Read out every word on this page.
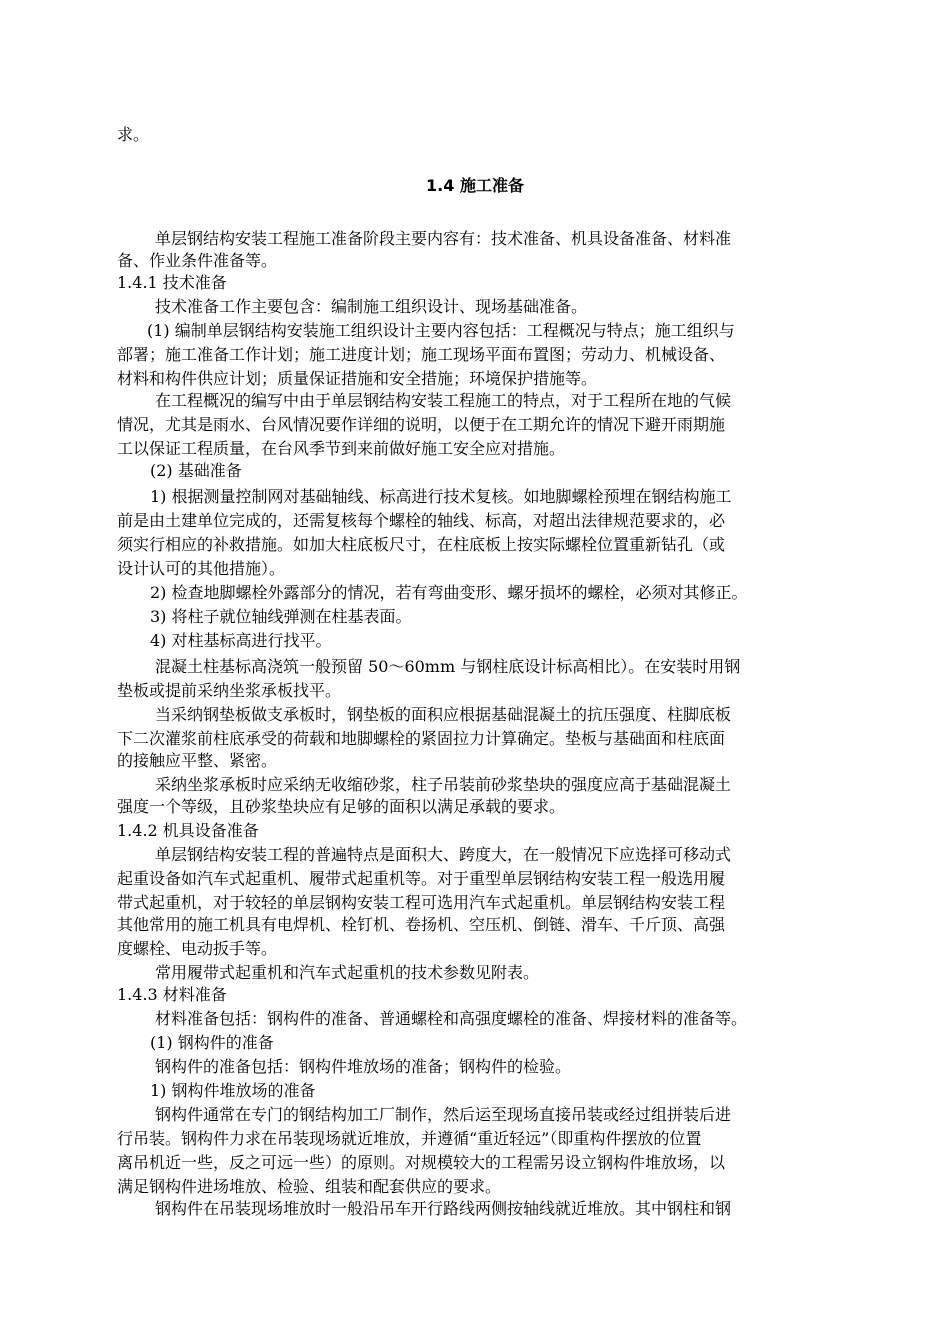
求。
1.4 施工准备
单层钢结构安装工程施工准备阶段主要内容有：技术准备、机具设备准备、材料准
备、作业条件准备等。
1.4.1 技术准备
技术准备工作主要包含：编制施工组织设计、现场基础准备。
(1) 编制单层钢结构安装施工组织设计主要内容包括：工程概况与特点；施工组织与
部署；施工准备工作计划；施工进度计划；施工现场平面布置图；劳动力、机械设备、
材料和构件供应计划；质量保证措施和安全措施；环境保护措施等。
在工程概况的编写中由于单层钢结构安装工程施工的特点，对于工程所在地的气候
情况，尤其是雨水、台风情况要作详细的说明，以便于在工期允许的情况下避开雨期施
工以保证工程质量，在台风季节到来前做好施工安全应对措施。
(2) 基础准备
1) 根据测量控制网对基础轴线、标高进行技术复核。如地脚螺栓预埋在钢结构施工
前是由土建单位完成的，还需复核每个螺栓的轴线、标高，对超出法律规范要求的，必
须实行相应的补救措施。如加大柱底板尺寸，在柱底板上按实际螺栓位置重新钻孔（或
设计认可的其他措施）。
2) 检查地脚螺栓外露部分的情况，若有弯曲变形、螺牙损坏的螺栓，必须对其修正。
3) 将柱子就位轴线弹测在柱基表面。
4) 对柱基标高进行找平。
混凝土柱基标高浇筑一般预留 50～60mm 与钢柱底设计标高相比）。在安装时用钢
垫板或提前采纳坐浆承板找平。
当采纳钢垫板做支承板时，钢垫板的面积应根据基础混凝土的抗压强度、柱脚底板
下二次灌浆前柱底承受的荷载和地脚螺栓的紧固拉力计算确定。垫板与基础面和柱底面
的接触应平整、紧密。
采纳坐浆承板时应采纳无收缩砂浆，柱子吊装前砂浆垫块的强度应高于基础混凝土
强度一个等级，且砂浆垫块应有足够的面积以满足承载的要求。
1.4.2 机具设备准备
单层钢结构安装工程的普遍特点是面积大、跨度大，在一般情况下应选择可移动式
起重设备如汽车式起重机、履带式起重机等。对于重型单层钢结构安装工程一般选用履
带式起重机，对于较轻的单层钢构安装工程可选用汽车式起重机。单层钢结构安装工程
其他常用的施工机具有电焊机、栓钉机、卷扬机、空压机、倒链、滑车、千斤顶、高强
度螺栓、电动扳手等。
常用履带式起重机和汽车式起重机的技术参数见附表。
1.4.3 材料准备
材料准备包括：钢构件的准备、普通螺栓和高强度螺栓的准备、焊接材料的准备等。
(1) 钢构件的准备
钢构件的准备包括：钢构件堆放场的准备；钢构件的检验。
1) 钢构件堆放场的准备
钢构件通常在专门的钢结构加工厂制作，然后运至现场直接吊装或经过组拼装后进
行吊装。钢构件力求在吊装现场就近堆放，并遵循“重近轻远”（即重构件摆放的位置
离吊机近一些，反之可远一些）的原则。对规模较大的工程需另设立钢构件堆放场，以
满足钢构件进场堆放、检验、组装和配套供应的要求。
钢构件在吊装现场堆放时一般沿吊车开行路线两侧按轴线就近堆放。其中钢柱和钢
